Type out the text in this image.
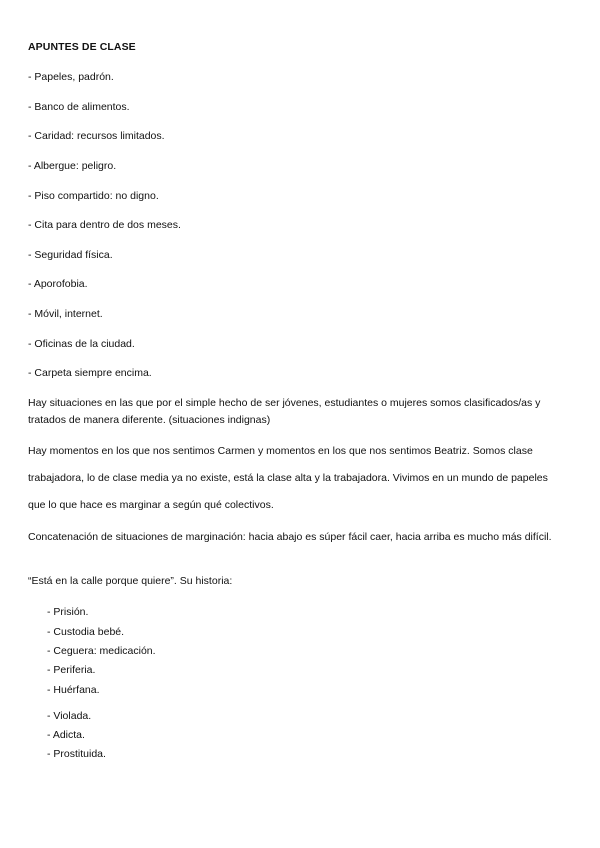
APUNTES DE CLASE
- Papeles, padrón.
- Banco de alimentos.
- Caridad: recursos limitados.
- Albergue: peligro.
- Piso compartido: no digno.
- Cita para dentro de dos meses.
- Seguridad física.
- Aporofobia.
- Móvil, internet.
- Oficinas de la ciudad.
- Carpeta siempre encima.
Hay situaciones en las que por el simple hecho de ser jóvenes, estudiantes o mujeres somos clasificados/as y tratados de manera diferente. (situaciones indignas)
Hay momentos en los que nos sentimos Carmen y momentos en los que nos sentimos Beatriz. Somos clase trabajadora, lo de clase media ya no existe, está la clase alta y la trabajadora. Vivimos en un mundo de papeles que lo que hace es marginar a según qué colectivos.
Concatenación de situaciones de marginación: hacia abajo es súper fácil caer, hacia arriba es mucho más difícil.
“Está en la calle porque quiere”. Su historia:
- Prisión.
- Custodia bebé.
- Ceguera: medicación.
- Periferia.
- Huérfana.
- Violada.
- Adicta.
- Prostituida.
